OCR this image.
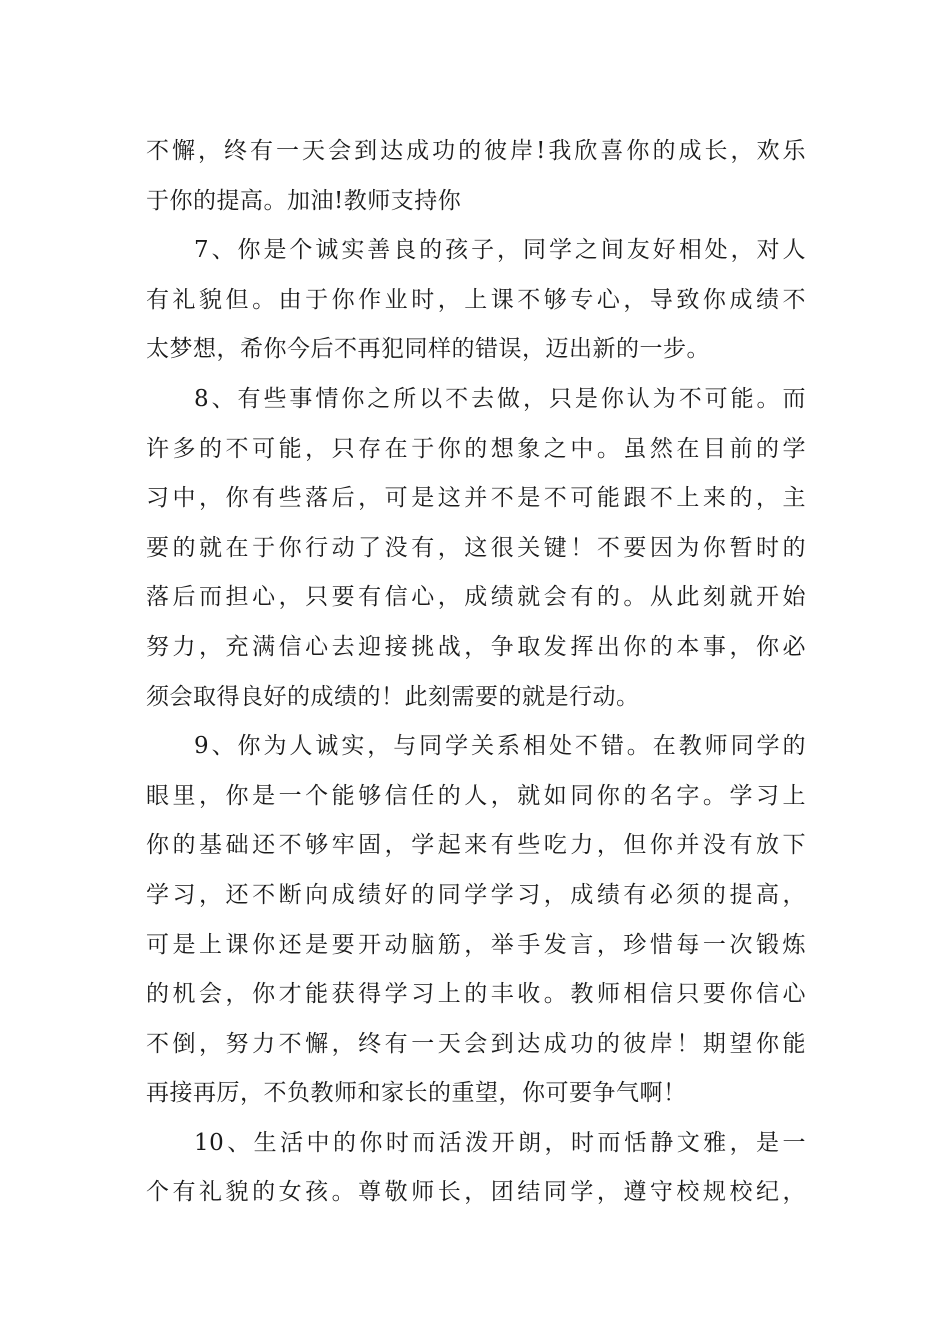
不懈，终有一天会到达成功的彼岸!我欣喜你的成长，欢乐
于你的提高。加油!教师支持你
7、你是个诚实善良的孩子，同学之间友好相处，对人
有礼貌但。由于你作业时，上课不够专心，导致你成绩不
太梦想，希你今后不再犯同样的错误，迈出新的一步。
8、有些事情你之所以不去做，只是你认为不可能。而
许多的不可能，只存在于你的想象之中。虽然在目前的学
习中，你有些落后，可是这并不是不可能跟不上来的，主
要的就在于你行动了没有，这很关键！不要因为你暂时的
落后而担心，只要有信心，成绩就会有的。从此刻就开始
努力，充满信心去迎接挑战，争取发挥出你的本事，你必
须会取得良好的成绩的！此刻需要的就是行动。
9、你为人诚实，与同学关系相处不错。在教师同学的
眼里，你是一个能够信任的人，就如同你的名字。学习上
你的基础还不够牢固，学起来有些吃力，但你并没有放下
学习，还不断向成绩好的同学学习，成绩有必须的提高，
可是上课你还是要开动脑筋，举手发言，珍惜每一次锻炼
的机会，你才能获得学习上的丰收。教师相信只要你信心
不倒，努力不懈，终有一天会到达成功的彼岸！期望你能
再接再厉，不负教师和家长的重望，你可要争气啊！
10、生活中的你时而活泼开朗，时而恬静文雅，是一
个有礼貌的女孩。尊敬师长，团结同学，遵守校规校纪，
